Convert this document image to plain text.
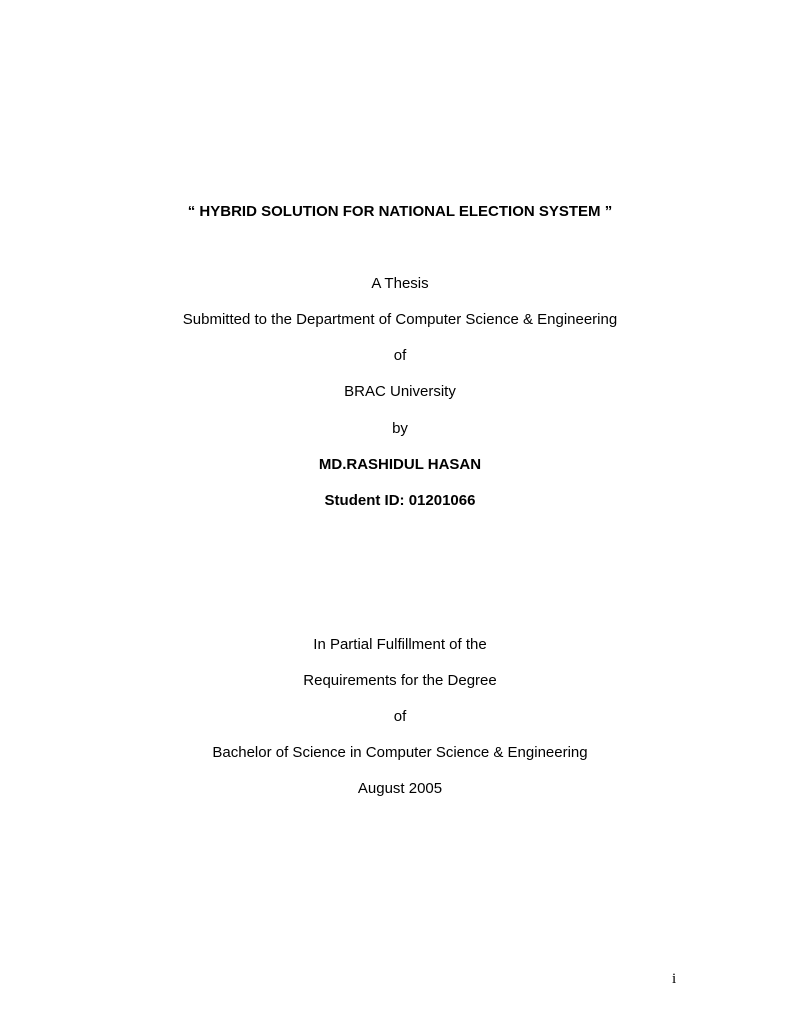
“ HYBRID SOLUTION FOR NATIONAL ELECTION SYSTEM ”
A Thesis
Submitted to the Department of Computer Science & Engineering
of
BRAC University
by
MD.RASHIDUL HASAN
Student ID: 01201066
In Partial Fulfillment of the
Requirements for the Degree
of
Bachelor of Science in Computer Science & Engineering
August 2005
i
